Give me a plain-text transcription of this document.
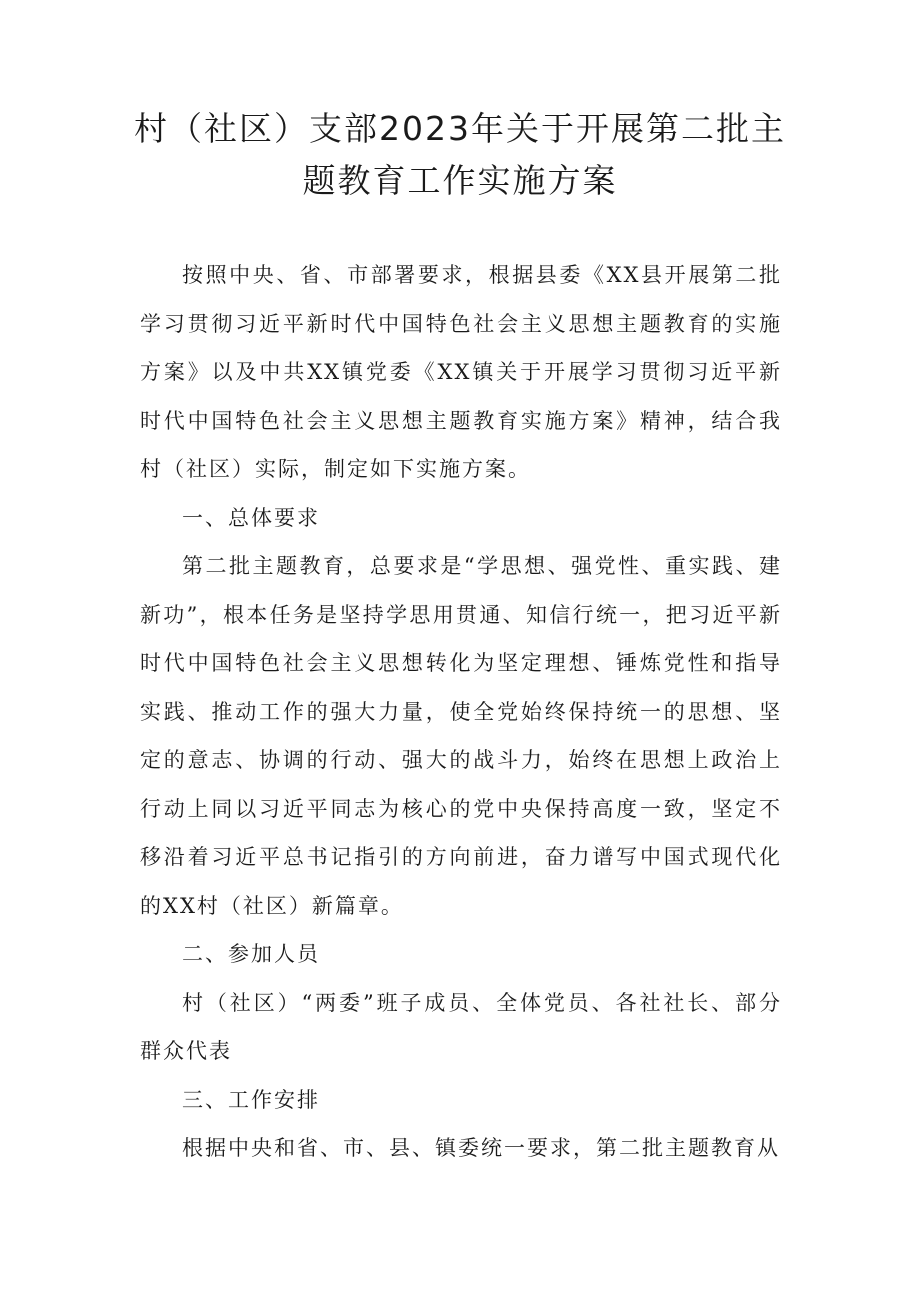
村（社区）支部2023年关于开展第二批主
题教育工作实施方案

按照中央、省、市部署要求，根据县委《XX县开展第二批学习贯彻习近平新时代中国特色社会主义思想主题教育的实施方案》以及中共XX镇党委《XX镇关于开展学习贯彻习近平新时代中国特色社会主义思想主题教育实施方案》精神，结合我村（社区）实际，制定如下实施方案。

一、总体要求

第二批主题教育，总要求是“学思想、强党性、重实践、建新功”，根本任务是坚持学思用贯通、知信行统一，把习近平新时代中国特色社会主义思想转化为坚定理想、锤炼党性和指导实践、推动工作的强大力量，使全党始终保持统一的思想、坚定的意志、协调的行动、强大的战斗力，始终在思想上政治上行动上同以习近平同志为核心的党中央保持高度一致，坚定不移沿着习近平总书记指引的方向前进，奋力谱写中国式现代化的XX村（社区）新篇章。

二、参加人员

村（社区）“两委”班子成员、全体党员、各社社长、部分群众代表

三、工作安排

根据中央和省、市、县、镇委统一要求，第二批主题教育从
